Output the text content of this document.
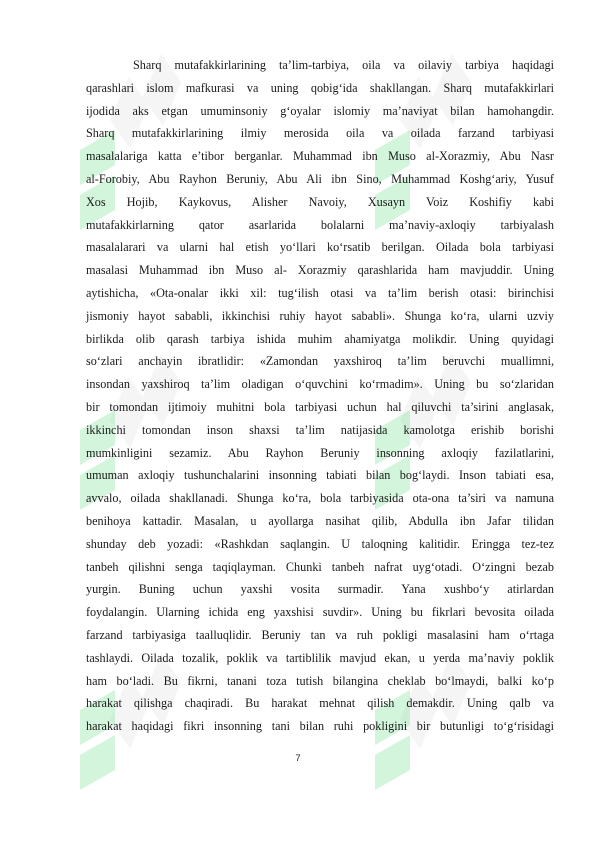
Sharq mutafakkirlarining ta’lim-tarbiya, oila va oilaviy tarbiya haqidagi
qarashlari islom mafkurasi va uning qobig‘ida shakllangan. Sharq mutafakkirlari
ijodida aks etgan umuminsoniy g‘oyalar islomiy ma’naviyat bilan hamohangdir.
Sharq mutafakkirlarining ilmiy merosida oila va oilada farzand tarbiyasi
masalalariga katta e’tibor berganlar. Muhammad ibn Muso al-Xorazmiy, Abu Nasr
al-Forobiy, Abu Rayhon Beruniy, Abu Ali ibn Sino, Muhammad Koshg‘ariy, Yusuf
Xos Hojib, Kaykovus, Alisher Navoiy, Xusayn Voiz Koshifiy kabi
mutafakkirlarning qator asarlarida bolalarni ma’naviy-axloqiy tarbiyalash
masalalarari va ularni hal etish yo‘llari ko‘rsatib berilgan. Oilada bola tarbiyasi
masalasi Muhammad ibn Muso al- Xorazmiy qarashlarida ham mavjuddir. Uning
aytishicha, «Ota-onalar ikki xil: tug‘ilish otasi va ta’lim berish otasi: birinchisi
jismoniy hayot sababli, ikkinchisi ruhiy hayot sababli». Shunga ko‘ra, ularni uzviy
birlikda olib qarash tarbiya ishida muhim ahamiyatga molikdir. Uning quyidagi
so‘zlari anchayin ibratlidir: «Zamondan yaxshiroq ta’lim beruvchi muallimni,
insondan yaxshiroq ta’lim oladigan o‘quvchini ko‘rmadim». Uning bu so‘zlaridan
bir tomondan ijtimoiy muhitni bola tarbiyasi uchun hal qiluvchi ta’sirini anglasak,
ikkinchi tomondan inson shaxsi ta’lim natijasida kamolotga erishib borishi
mumkinligini sezamiz. Abu Rayhon Beruniy insonning axloqiy fazilatlarini,
umuman axloqiy tushunchalarini insonning tabiati bilan bog‘laydi. Inson tabiati esa,
avvalo, oilada shakllanadi. Shunga ko‘ra, bola tarbiyasida ota-ona ta’siri va namuna
benihoya kattadir. Masalan, u ayollarga nasihat qilib, Abdulla ibn Jafar tilidan
shunday deb yozadi: «Rashkdan saqlangin. U taloqning kalitidir. Eringga tez-tez
tanbeh qilishni senga taqiqlayman. Chunki tanbeh nafrat uyg‘otadi. O‘zingni bezab
yurgin. Buning uchun yaxshi vosita surmadir. Yana xushbo‘y atirlardan
foydalangin. Ularning ichida eng yaxshisi suvdir». Uning bu fikrlari bevosita oilada
farzand tarbiyasiga taalluqlidir. Beruniy tan va ruh pokligi masalasini ham o‘rtaga
tashlaydi. Oilada tozalik, poklik va tartiblilik mavjud ekan, u yerda ma’naviy poklik
ham bo‘ladi. Bu fikrni, tanani toza tutish bilangina cheklab bo‘lmaydi, balki ko‘p
harakat qilishga chaqiradi. Bu harakat mehnat qilish demakdir. Uning qalb va
harakat haqidagi fikri insonning tani bilan ruhi pokligini bir butunligi to‘g‘risidagi
7
